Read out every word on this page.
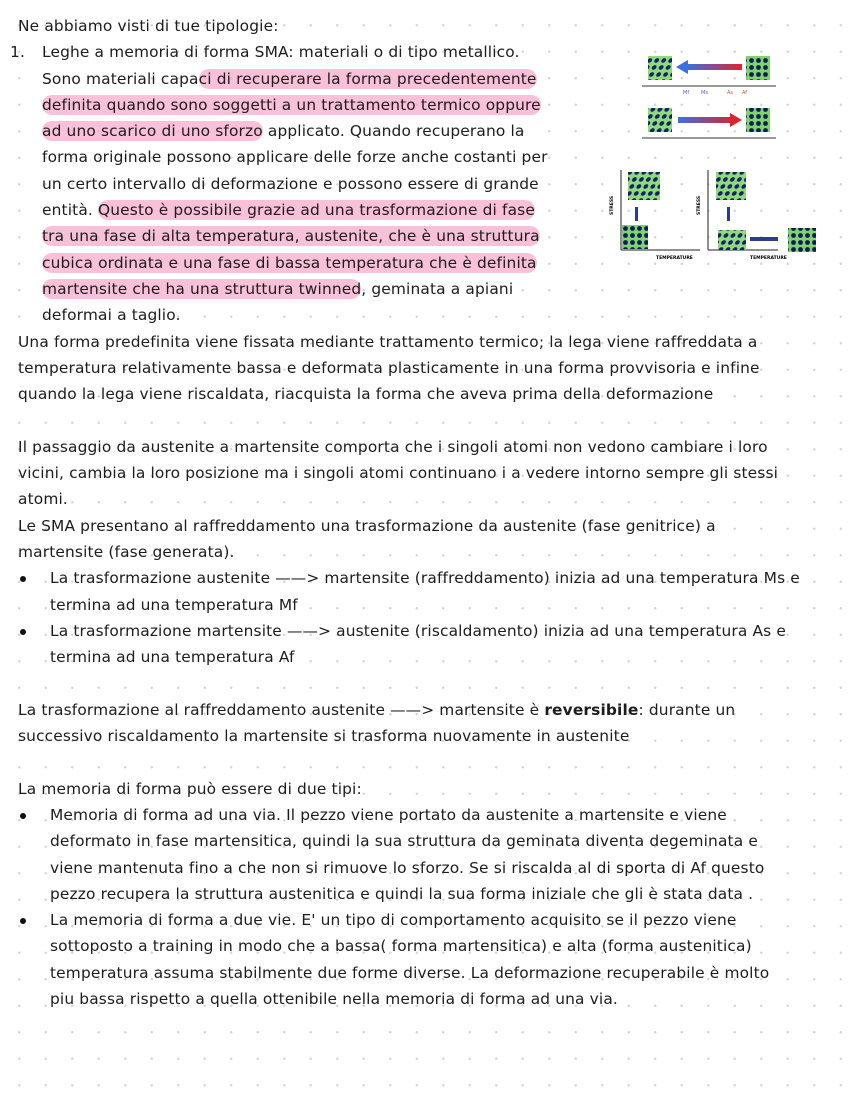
Ne abbiamo visti di tue tipologie:
1.	Leghe a memoria di forma SMA: materiali o di tipo metallico.
Sono materiali capaci di recuperare la forma precedentemente
definita quando sono soggetti a un trattamento termico oppure
ad uno scarico di uno sforzo applicato. Quando recuperano la
forma originale possono applicare delle forze anche costanti per
un certo intervallo di deformazione e possono essere di grande
entità. Questo è possibile grazie ad una trasformazione di fase
tra una fase di alta temperatura, austenite, che è una struttura
cubica ordinata e una fase di bassa temperatura che è definita
martensite che ha una struttura twinned, geminata a apiani
deformai a taglio.
Una forma predefinita viene fissata mediante trattamento termico; la lega viene raffreddata a
temperatura relativamente bassa e deformata plasticamente in una forma provvisoria e infine
quando la lega viene riscaldata, riacquista la forma che aveva prima della deformazione
Il passaggio da austenite a martensite comporta che i singoli atomi non vedono cambiare i loro
vicini, cambia la loro posizione ma i singoli atomi continuano i a vedere intorno sempre gli stessi
atomi.
Le SMA presentano al raffreddamento una trasformazione da austenite (fase genitrice) a
martensite (fase generata).
La trasformazione austenite ——> martensite (raffreddamento) inizia ad una temperatura Ms e
termina ad una temperatura Mf
La trasformazione martensite ——> austenite (riscaldamento) inizia ad una temperatura As e
termina ad una temperatura Af
La trasformazione al raffreddamento austenite ——> martensite è reversibile: durante un
successivo riscaldamento la martensite si trasforma nuovamente in austenite
La memoria di forma può essere di due tipi:
Memoria di forma ad una via. Il pezzo viene portato da austenite a martensite e viene
deformato in fase martensitica, quindi la sua struttura da geminata diventa degeminata e
viene mantenuta fino a che non si rimuove lo sforzo. Se si riscalda al di sporta di Af questo
pezzo recupera la struttura austenitica e quindi la sua forma iniziale che gli è stata data .
La memoria di forma a due vie. E' un tipo di comportamento acquisito se il pezzo viene
sottoposto a training in modo che a bassa( forma martensitica) e alta (forma austenitica)
temperatura assuma stabilmente due forme diverse. La deformazione recuperabile è molto
piu bassa rispetto a quella ottenibile nella memoria di forma ad una via.
Mf Ms	As Af
STRESS
TEMPERATURE	TEMPERATURE
STRESS
